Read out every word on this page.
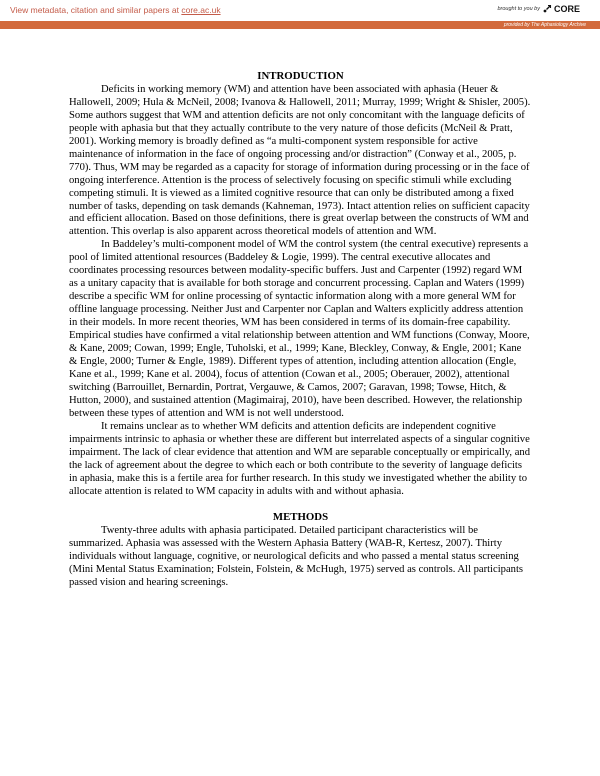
View metadata, citation and similar papers at core.ac.uk	brought to you by CORE
provided by The Aphasiology Archive
INTRODUCTION

Deficits in working memory (WM) and attention have been associated with aphasia (Heuer & Hallowell, 2009; Hula & McNeil, 2008; Ivanova & Hallowell, 2011; Murray, 1999; Wright & Shisler, 2005). Some authors suggest that WM and attention deficits are not only concomitant with the language deficits of people with aphasia but that they actually contribute to the very nature of those deficits (McNeil & Pratt, 2001). Working memory is broadly defined as “a multi-component system responsible for active maintenance of information in the face of ongoing processing and/or distraction” (Conway et al., 2005, p. 770). Thus, WM may be regarded as a capacity for storage of information during processing or in the face of ongoing interference. Attention is the process of selectively focusing on specific stimuli while excluding competing stimuli. It is viewed as a limited cognitive resource that can only be distributed among a fixed number of tasks, depending on task demands (Kahneman, 1973). Intact attention relies on sufficient capacity and efficient allocation. Based on those definitions, there is great overlap between the constructs of WM and attention. This overlap is also apparent across theoretical models of attention and WM.

In Baddeley’s multi-component model of WM the control system (the central executive) represents a pool of limited attentional resources (Baddeley & Logie, 1999). The central executive allocates and coordinates processing resources between modality-specific buffers. Just and Carpenter (1992) regard WM as a unitary capacity that is available for both storage and concurrent processing. Caplan and Waters (1999) describe a specific WM for online processing of syntactic information along with a more general WM for offline language processing. Neither Just and Carpenter nor Caplan and Walters explicitly address attention in their models. In more recent theories, WM has been considered in terms of its domain-free capability. Empirical studies have confirmed a vital relationship between attention and WM functions (Conway, Moore, & Kane, 2009; Cowan, 1999; Engle, Tuholski, et al., 1999; Kane, Bleckley, Conway, & Engle, 2001; Kane & Engle, 2000; Turner & Engle, 1989). Different types of attention, including attention allocation (Engle, Kane et al., 1999; Kane et al. 2004), focus of attention (Cowan et al., 2005; Oberauer, 2002), attentional switching (Barrouillet, Bernardin, Portrat, Vergauwe, & Camos, 2007; Garavan, 1998; Towse, Hitch, & Hutton, 2000), and sustained attention (Magimairaj, 2010), have been described. However, the relationship between these types of attention and WM is not well understood.

It remains unclear as to whether WM deficits and attention deficits are independent cognitive impairments intrinsic to aphasia or whether these are different but interrelated aspects of a singular cognitive impairment. The lack of clear evidence that attention and WM are separable conceptually or empirically, and the lack of agreement about the degree to which each or both contribute to the severity of language deficits in aphasia, make this is a fertile area for further research. In this study we investigated whether the ability to allocate attention is related to WM capacity in adults with and without aphasia.

METHODS

Twenty-three adults with aphasia participated. Detailed participant characteristics will be summarized. Aphasia was assessed with the Western Aphasia Battery (WAB-R, Kertesz, 2007). Thirty individuals without language, cognitive, or neurological deficits and who passed a mental status screening (Mini Mental Status Examination; Folstein, Folstein, & McHugh, 1975) served as controls. All participants passed vision and hearing screenings.
